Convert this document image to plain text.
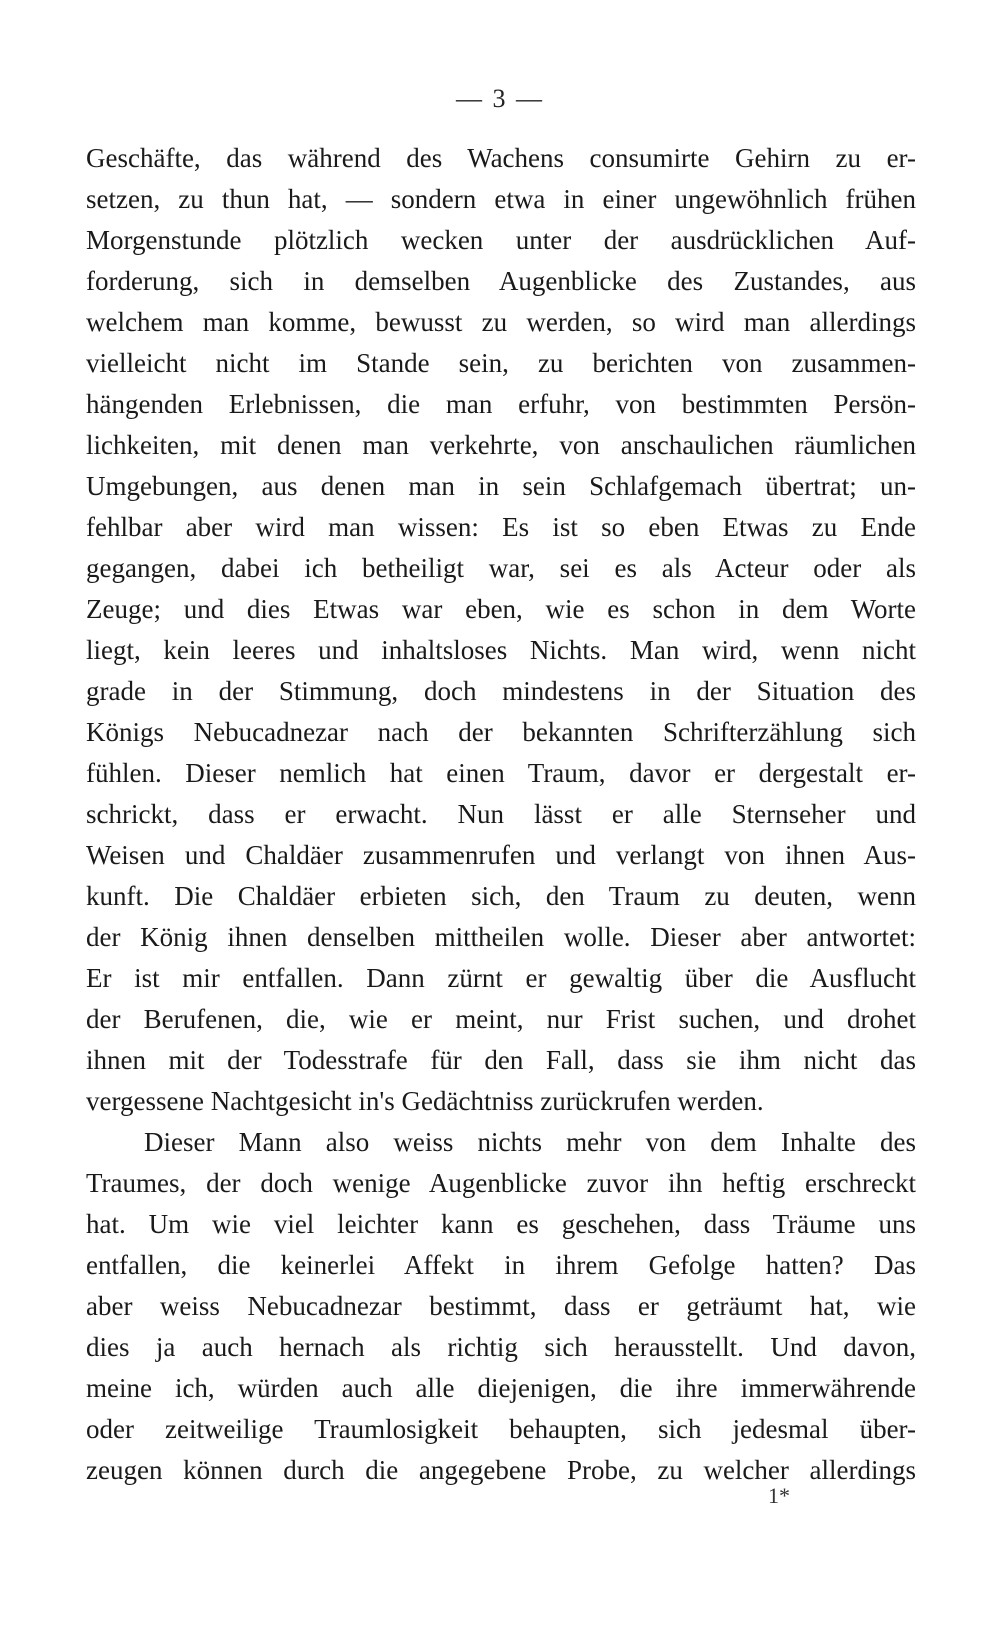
— 3 —
Geschäfte, das während des Wachens consumirte Gehirn zu er-
setzen, zu thun hat, — sondern etwa in einer ungewöhnlich frühen
Morgenstunde plötzlich wecken unter der ausdrücklichen Auf-
forderung, sich in demselben Augenblicke des Zustandes, aus
welchem man komme, bewusst zu werden, so wird man allerdings
vielleicht nicht im Stande sein, zu berichten von zusammen-
hängenden Erlebnissen, die man erfuhr, von bestimmten Persön-
lichkeiten, mit denen man verkehrte, von anschaulichen räumlichen
Umgebungen, aus denen man in sein Schlafgemach übertrat; un-
fehlbar aber wird man wissen: Es ist so eben Etwas zu Ende
gegangen, dabei ich betheiligt war, sei es als Acteur oder als
Zeuge; und dies Etwas war eben, wie es schon in dem Worte
liegt, kein leeres und inhaltsloses Nichts. Man wird, wenn nicht
grade in der Stimmung, doch mindestens in der Situation des
Königs Nebucadnezar nach der bekannten Schrifterzählung sich
fühlen. Dieser nemlich hat einen Traum, davor er dergestalt er-
schrickt, dass er erwacht. Nun lässt er alle Sternseher und
Weisen und Chaldäer zusammenrufen und verlangt von ihnen Aus-
kunft. Die Chaldäer erbieten sich, den Traum zu deuten, wenn
der König ihnen denselben mittheilen wolle. Dieser aber antwortet:
Er ist mir entfallen. Dann zürnt er gewaltig über die Ausflucht
der Berufenen, die, wie er meint, nur Frist suchen, und drohet
ihnen mit der Todesstrafe für den Fall, dass sie ihm nicht das
vergessene Nachtgesicht in's Gedächtniss zurückrufen werden.
Dieser Mann also weiss nichts mehr von dem Inhalte des
Traumes, der doch wenige Augenblicke zuvor ihn heftig erschreckt
hat. Um wie viel leichter kann es geschehen, dass Träume uns
entfallen, die keinerlei Affekt in ihrem Gefolge hatten? Das
aber weiss Nebucadnezar bestimmt, dass er geträumt hat, wie
dies ja auch hernach als richtig sich herausstellt. Und davon,
meine ich, würden auch alle diejenigen, die ihre immerwährende
oder zeitweilige Traumlosigkeit behaupten, sich jedesmal über-
zeugen können durch die angegebene Probe, zu welcher allerdings
1*
